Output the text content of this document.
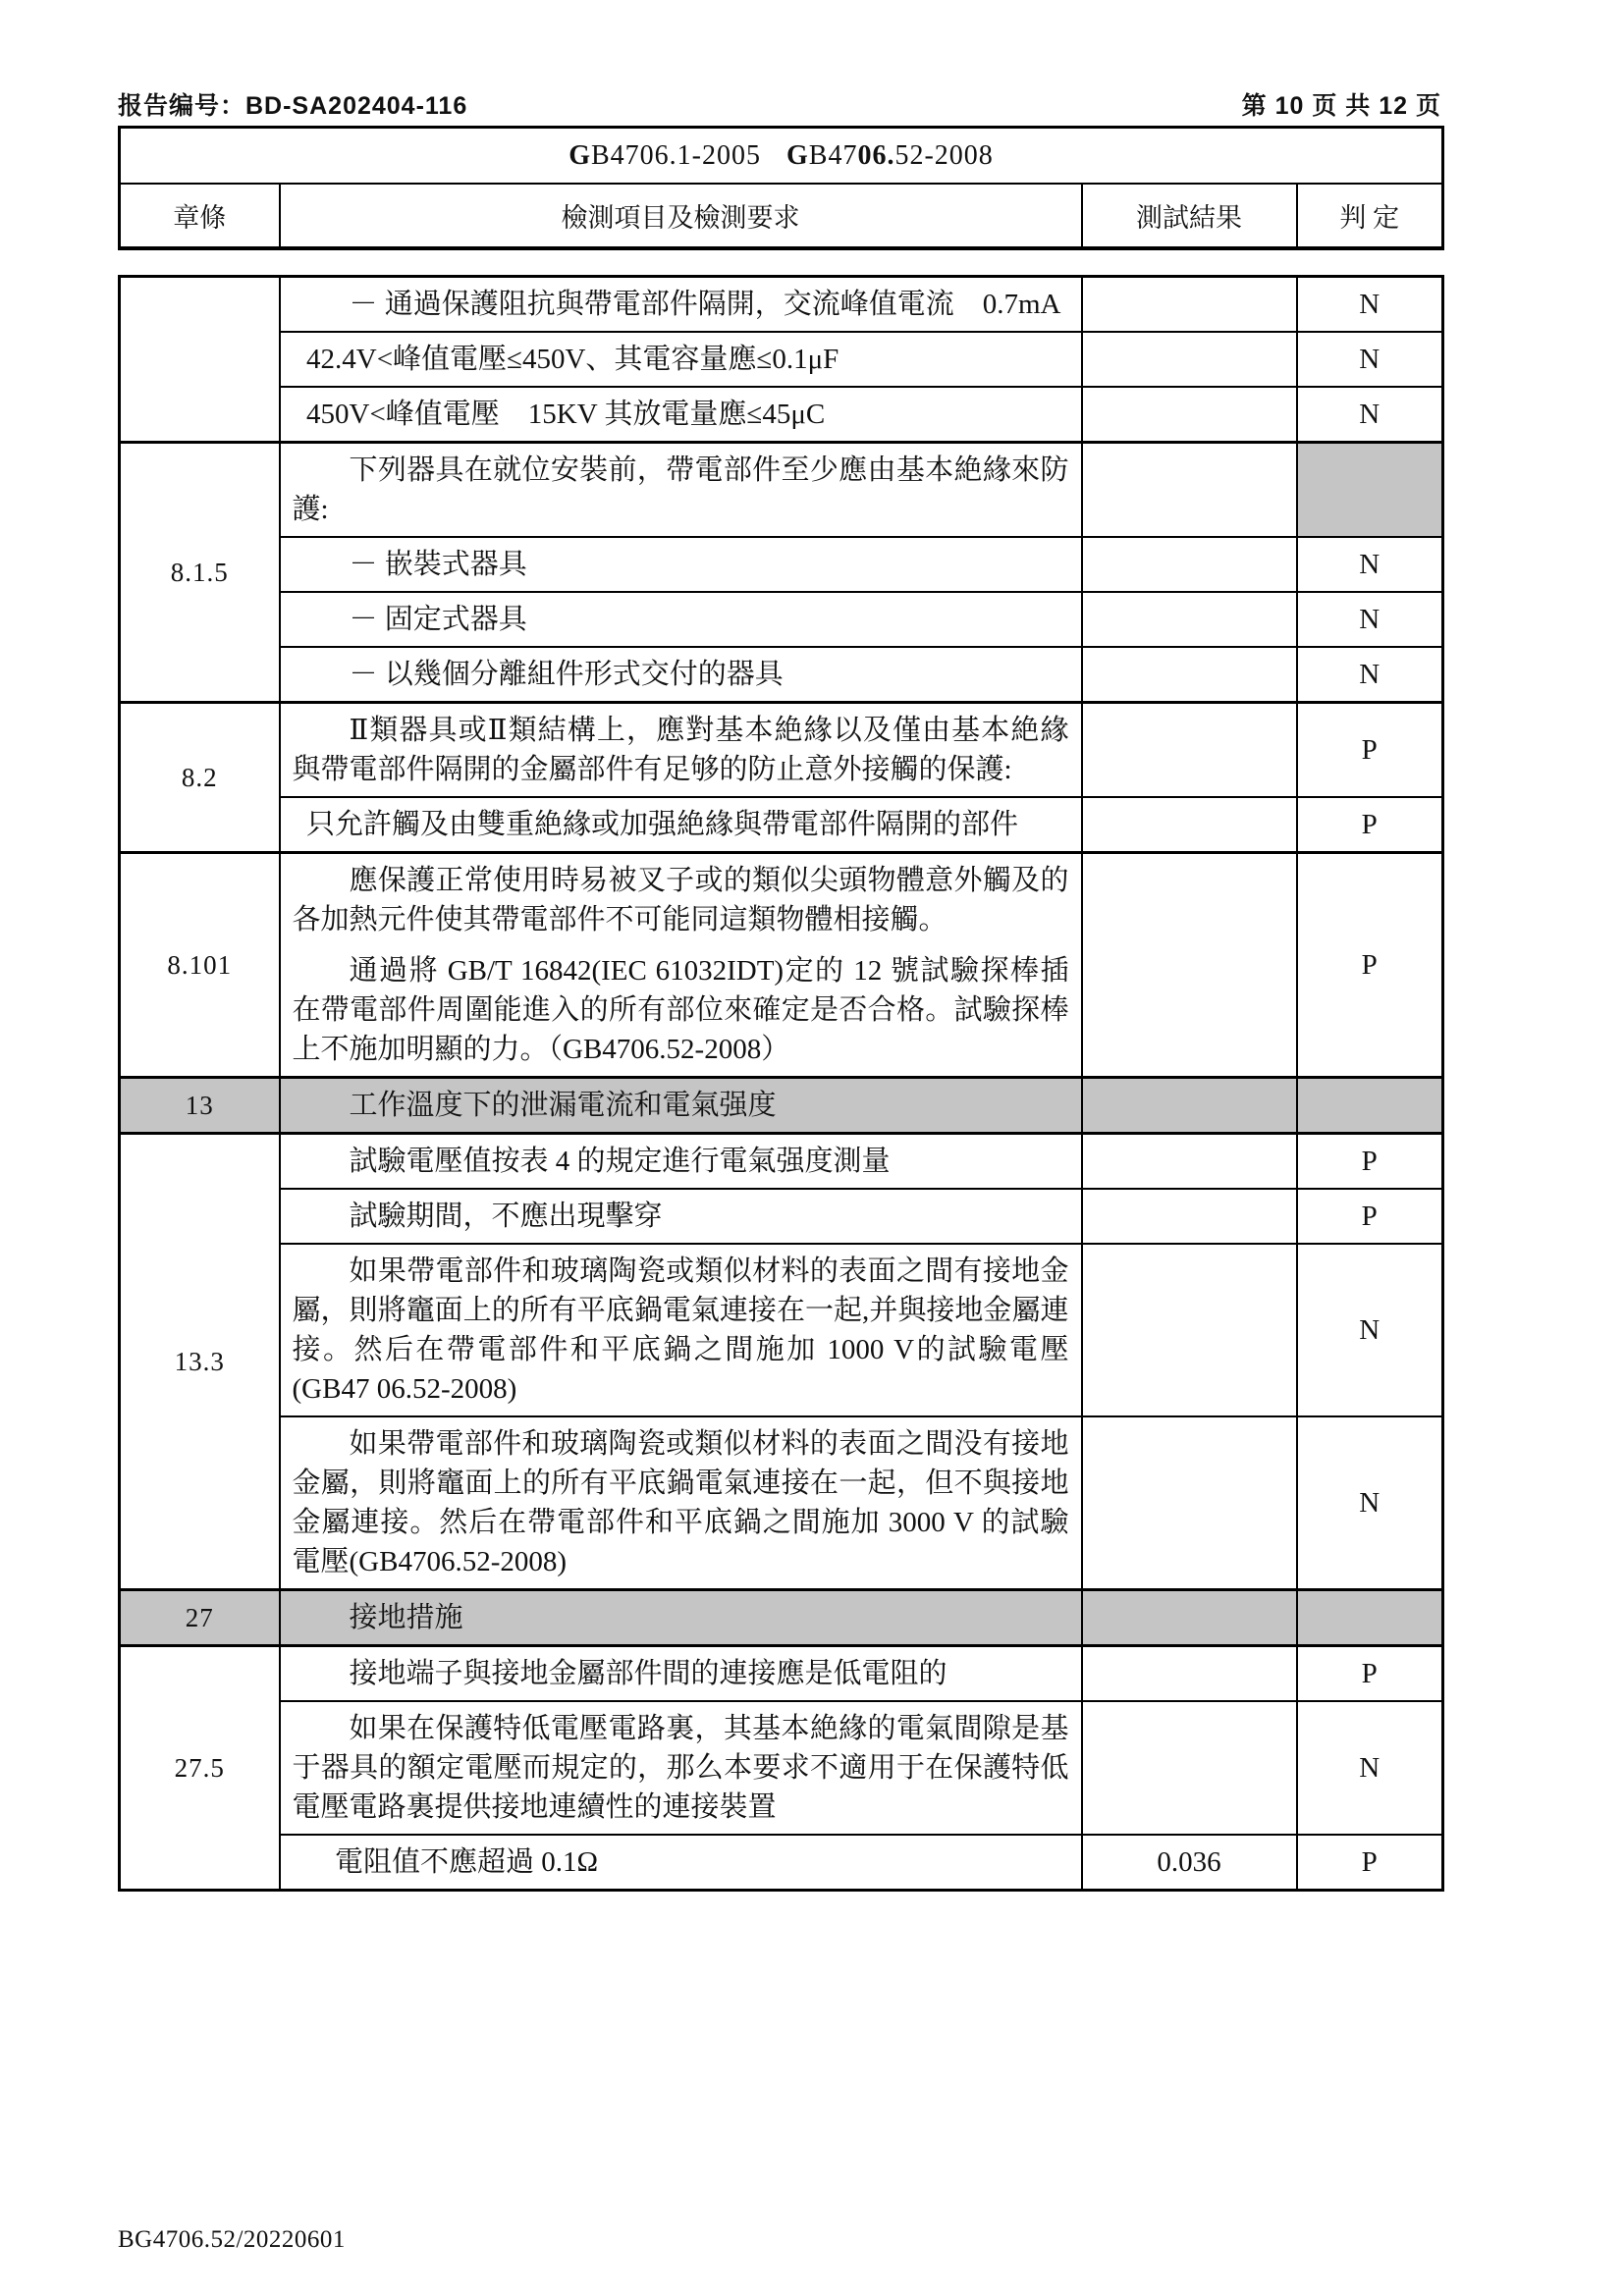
报告编号：BD-SA202404-116	第 10 页 共 12 页
GB4706.1-2005 GB4706.52-2008
章條	檢測項目及檢測要求	測試結果	判 定

	－ 通過保護阻抗與帶電部件隔開，交流峰值電流　0.7mA		N

	42.4V<峰值電壓≤450V、其電容量應≤0.1μF		N

	450V<峰值電壓　15KV 其放電量應≤45μC		N
8.1.5	下列器具在就位安裝前，帶電部件至少應由基本絶緣來防護:		

	－ 嵌裝式器具		N

	－ 固定式器具		N

	－ 以幾個分離組件形式交付的器具		N
8.2	Ⅱ類器具或Ⅱ類結構上，應對基本絶緣以及僅由基本絶緣與帶電部件隔開的金屬部件有足够的防止意外接觸的保護:		P

	只允許觸及由雙重絶緣或加强絶緣與帶電部件隔開的部件		P
8.101	應保護正常使用時易被叉子或的類似尖頭物體意外觸及的各加熱元件使其帶電部件不可能同這類物體相接觸。
通過將 GB/T 16842(IEC 61032IDT)定的 12 號試驗探棒插在帶電部件周圍能進入的所有部位來確定是否合格。試驗探棒上不施加明顯的力。（GB4706.52-2008）		P
13	工作溫度下的泄漏電流和電氣强度		

13.3	試驗電壓值按表 4 的規定進行電氣强度測量		P

	試驗期間，不應出現擊穿		P

	如果帶電部件和玻璃陶瓷或類似材料的表面之間有接地金屬，則將竈面上的所有平底鍋電氣連接在一起,并與接地金屬連接。然后在帶電部件和平底鍋之間施加 1000 V的試驗電壓(GB47 06.52-2008)		N

	如果帶電部件和玻璃陶瓷或類似材料的表面之間没有接地金屬，則將竈面上的所有平底鍋電氣連接在一起，但不與接地金屬連接。然后在帶電部件和平底鍋之間施加 3000 V 的試驗電壓(GB4706.52-2008)		N
27	接地措施		

27.5	接地端子與接地金屬部件間的連接應是低電阻的		P

	如果在保護特低電壓電路裏，其基本絶緣的電氣間隙是基于器具的額定電壓而規定的，那么本要求不適用于在保護特低電壓電路裏提供接地連續性的連接裝置		N

	電阻值不應超過 0.1Ω	0.036	P
BG4706.52/20220601
